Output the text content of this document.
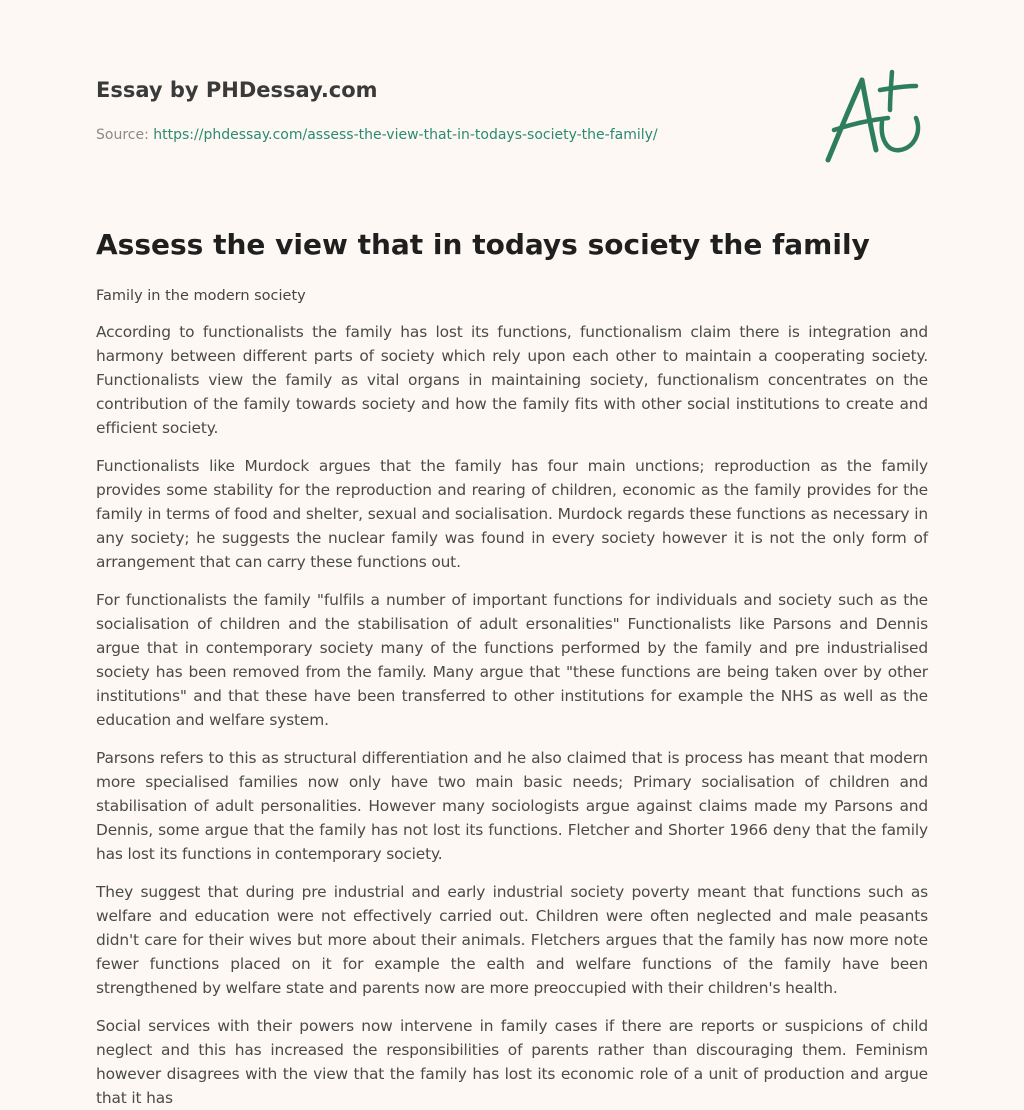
Essay by PHDessay.com
Source: https://phdessay.com/assess-the-view-that-in-todays-society-the-family/
Assess the view that in todays society the family
Family in the modern society

According to functionalists the family has lost its functions, functionalism claim there is integration and harmony between different parts of society which rely upon each other to maintain a cooperating society. Functionalists view the family as vital organs in maintaining society, functionalism concentrates on the contribution of the family towards society and how the family fits with other social institutions to create and efficient society.

Functionalists like Murdock argues that the family has four main unctions; reproduction as the family provides some stability for the reproduction and rearing of children, economic as the family provides for the family in terms of food and shelter, sexual and socialisation. Murdock regards these functions as necessary in any society; he suggests the nuclear family was found in every society however it is not the only form of arrangement that can carry these functions out.

For functionalists the family "fulfils a number of important functions for individuals and society such as the socialisation of children and the stabilisation of adult ersonalities" Functionalists like Parsons and Dennis argue that in contemporary society many of the functions performed by the family and pre industrialised society has been removed from the family. Many argue that "these functions are being taken over by other institutions" and that these have been transferred to other institutions for example the NHS as well as the education and welfare system.

Parsons refers to this as structural differentiation and he also claimed that is process has meant that modern more specialised families now only have two main basic needs; Primary socialisation of children and stabilisation of adult personalities. However many sociologists argue against claims made my Parsons and Dennis, some argue that the family has not lost its functions. Fletcher and Shorter 1966 deny that the family has lost its functions in contemporary society.

They suggest that during pre industrial and early industrial society poverty meant that functions such as welfare and education were not effectively carried out. Children were often neglected and male peasants didn't care for their wives but more about their animals. Fletchers argues that the family has now more note fewer functions placed on it for example the ealth and welfare functions of the family have been strengthened by welfare state and parents now are more preoccupied with their children's health.

Social services with their powers now intervene in family cases if there are reports or suspicions of child neglect and this has increased the responsibilities of parents rather than discouraging them. Feminism however disagrees with the view that the family has lost its economic role of a unit of production and argue that it has
